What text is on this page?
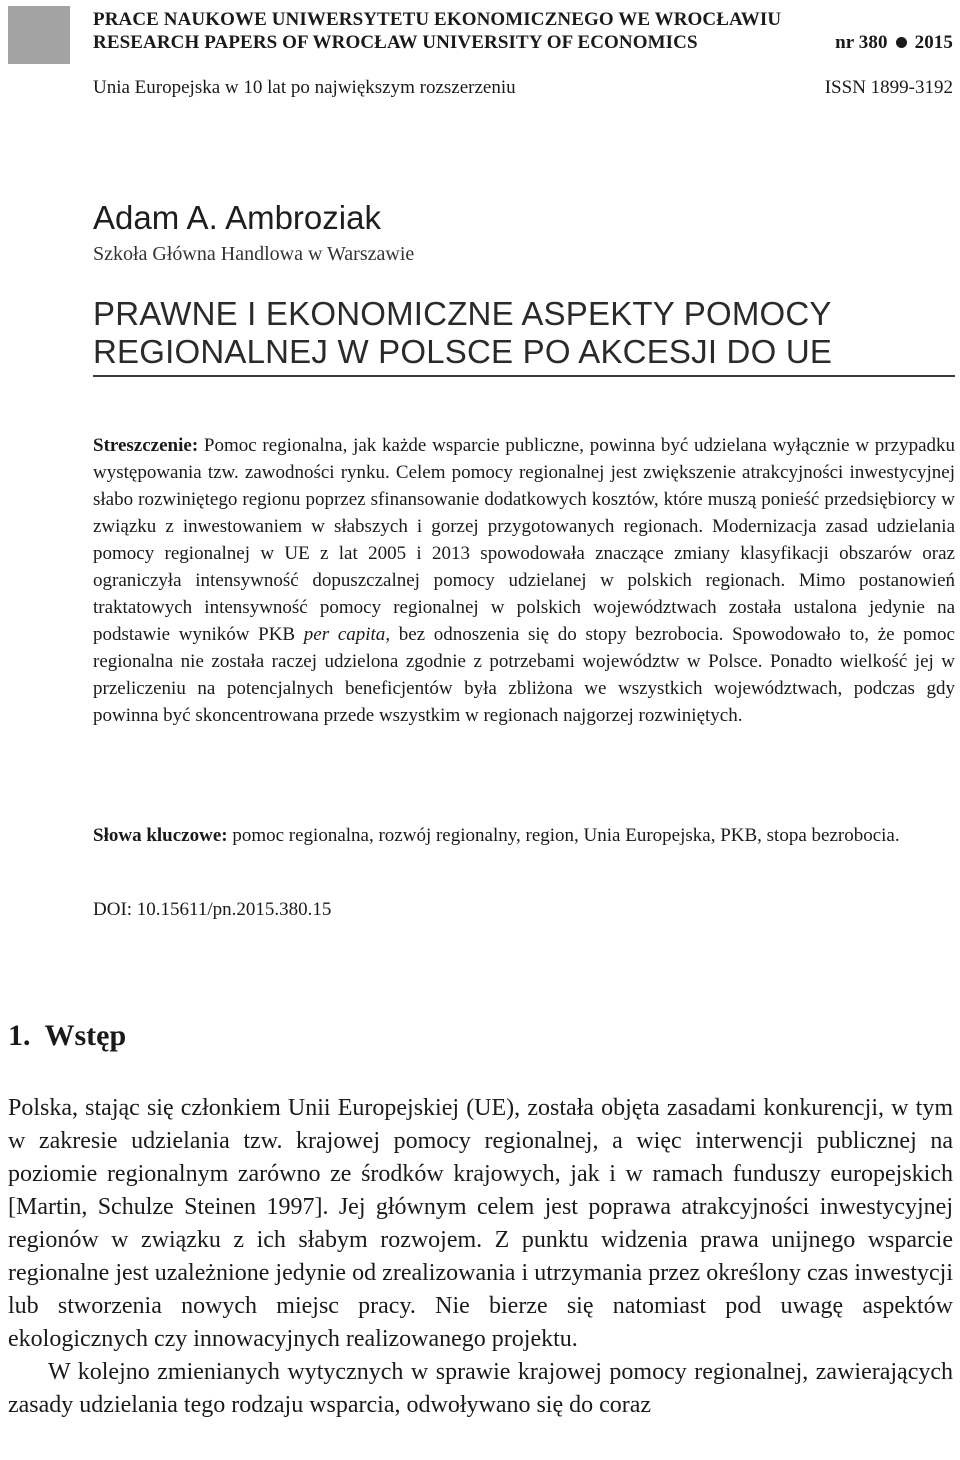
PRACE NAUKOWE UNIWERSYTETU EKONOMICZNEGO WE WROCŁAWIU
RESEARCH PAPERS OF WROCŁAW UNIVERSITY OF ECONOMICS	nr 380 2015
Unia Europejska w 10 lat po największym rozszerzeniu	ISSN 1899-3192
Adam A. Ambroziak
Szkoła Główna Handlowa w Warszawie
PRAWNE I EKONOMICZNE ASPEKTY POMOCY
REGIONALNEJ W POLSCE PO AKCESJI DO UE
Streszczenie: Pomoc regionalna, jak każde wsparcie publiczne, powinna być udzielana wyłącznie w przypadku występowania tzw. zawodności rynku. Celem pomocy regionalnej jest zwiększenie atrakcyjności inwestycyjnej słabo rozwiniętego regionu poprzez sfinansowanie dodatkowych kosztów, które muszą ponieść przedsiębiorcy w związku z inwestowaniem w słabszych i gorzej przygotowanych regionach. Modernizacja zasad udzielania pomocy regionalnej w UE z lat 2005 i 2013 spowodowała znaczące zmiany klasyfikacji obszarów oraz ograniczyła intensywność dopuszczalnej pomocy udzielanej w polskich regionach. Mimo postanowień traktatowych intensywność pomocy regionalnej w polskich województwach została ustalona jedynie na podstawie wyników PKB per capita, bez odnoszenia się do stopy bezrobocia. Spowodowało to, że pomoc regionalna nie została raczej udzielona zgodnie z potrzebami województw w Polsce. Ponadto wielkość jej w przeliczeniu na potencjalnych beneficjentów była zbliżona we wszystkich województwach, podczas gdy powinna być skoncentrowana przede wszystkim w regionach najgorzej rozwiniętych.
Słowa kluczowe: pomoc regionalna, rozwój regionalny, region, Unia Europejska, PKB, stopa bezrobocia.
DOI: 10.15611/pn.2015.380.15
1. Wstęp

Polska, stając się członkiem Unii Europejskiej (UE), została objęta zasadami konkurencji, w tym w zakresie udzielania tzw. krajowej pomocy regionalnej, a więc interwencji publicznej na poziomie regionalnym zarówno ze środków krajowych, jak i w ramach funduszy europejskich [Martin, Schulze Steinen 1997]. Jej głównym celem jest poprawa atrakcyjności inwestycyjnej regionów w związku z ich słabym rozwojem. Z punktu widzenia prawa unijnego wsparcie regionalne jest uzależnione jedynie od zrealizowania i utrzymania przez określony czas inwestycji lub stworzenia nowych miejsc pracy. Nie bierze się natomiast pod uwagę aspektów ekologicznych czy innowacyjnych realizowanego projektu.

W kolejno zmienianych wytycznych w sprawie krajowej pomocy regionalnej, zawierających zasady udzielania tego rodzaju wsparcia, odwoływano się do coraz
